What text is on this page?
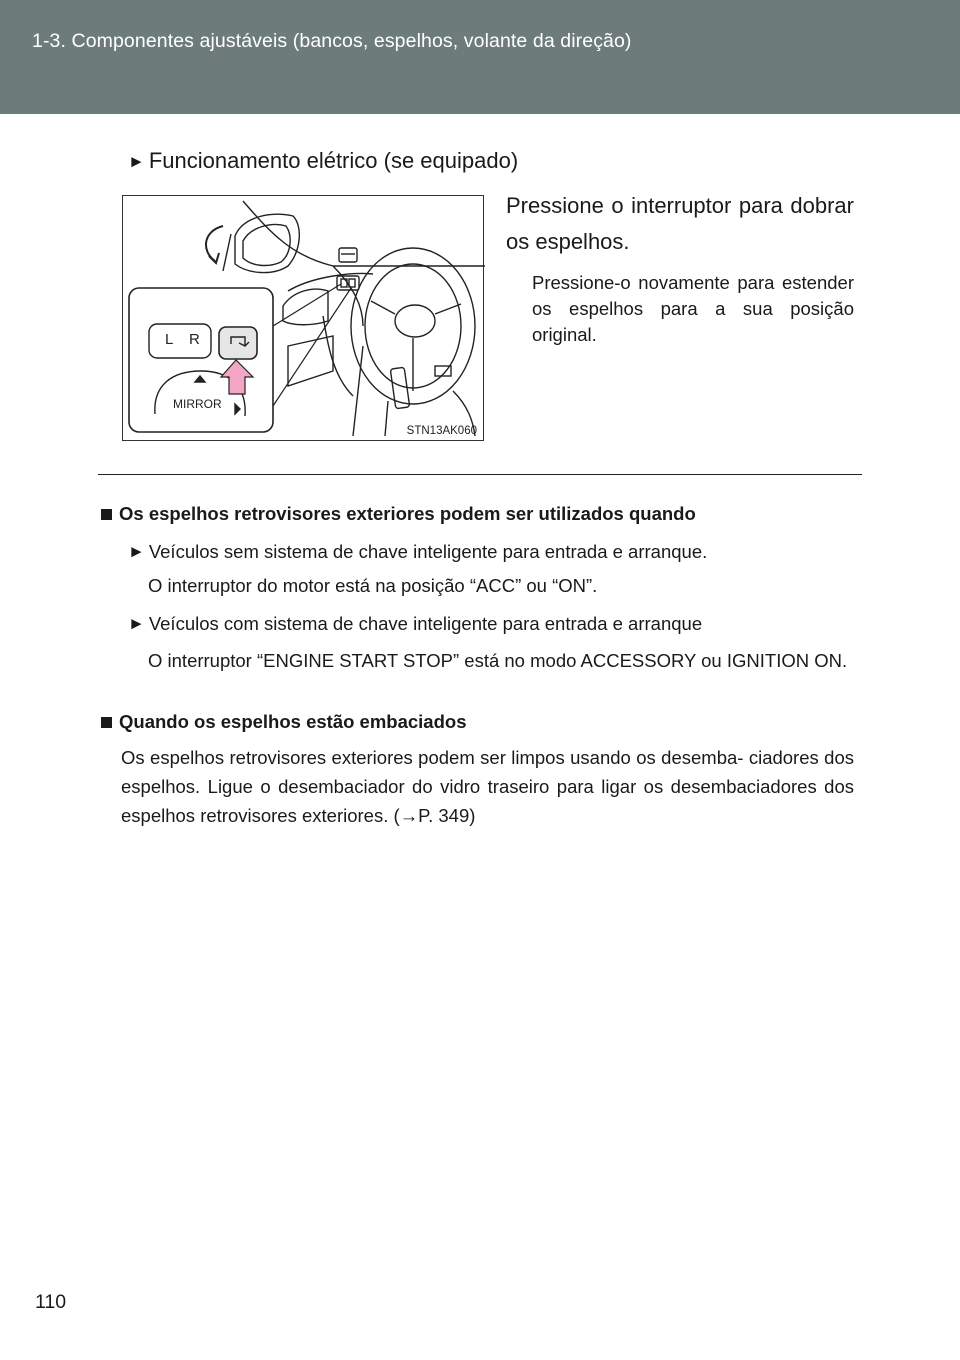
1-3. Componentes ajustáveis (bancos, espelhos, volante da direção)
► Funcionamento elétrico (se equipado)
L R
MIRROR
STN13AK060
Pressione o interruptor para dobrar os espelhos.
Pressione-o novamente para estender os espelhos para a sua posição original.
Os espelhos retrovisores exteriores podem ser utilizados quando
► Veículos sem sistema de chave inteligente para entrada e arranque.
O interruptor do motor está na posição “ACC” ou “ON”.
► Veículos com sistema de chave inteligente para entrada e arranque
O interruptor “ENGINE START STOP” está no modo ACCESSORY ou IGNITION ON.
Quando os espelhos estão embaciados
Os espelhos retrovisores exteriores podem ser limpos usando os desemba- ciadores dos espelhos. Ligue o desembaciador do vidro traseiro para ligar os desembaciadores dos espelhos retrovisores exteriores. (→P. 349)
110
